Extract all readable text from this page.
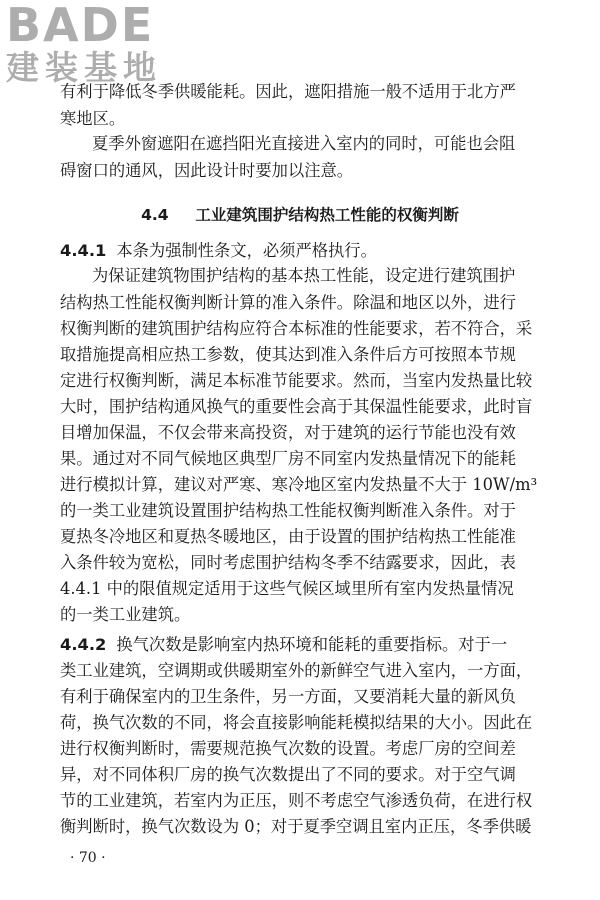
BADE
建装基地
有利于降低冬季供暖能耗。因此，遮阳措施一般不适用于北方严
寒地区。
夏季外窗遮阳在遮挡阳光直接进入室内的同时，可能也会阻
碍窗口的通风，因此设计时要加以注意。
4.4 工业建筑围护结构热工性能的权衡判断
4.4.1 本条为强制性条文，必须严格执行。
为保证建筑物围护结构的基本热工性能，设定进行建筑围护
结构热工性能权衡判断计算的准入条件。除温和地区以外，进行
权衡判断的建筑围护结构应符合本标准的性能要求，若不符合，采
取措施提高相应热工参数，使其达到准入条件后方可按照本节规
定进行权衡判断，满足本标准节能要求。然而，当室内发热量比较
大时，围护结构通风换气的重要性会高于其保温性能要求，此时盲
目增加保温，不仅会带来高投资，对于建筑的运行节能也没有效
果。通过对不同气候地区典型厂房不同室内发热量情况下的能耗
进行模拟计算，建议对严寒、寒冷地区室内发热量不大于 10W/m³
的一类工业建筑设置围护结构热工性能权衡判断准入条件。对于
夏热冬冷地区和夏热冬暖地区，由于设置的围护结构热工性能准
入条件较为宽松，同时考虑围护结构冬季不结露要求，因此，表
4.4.1 中的限值规定适用于这些气候区域里所有室内发热量情况
的一类工业建筑。
4.4.2 换气次数是影响室内热环境和能耗的重要指标。对于一
类工业建筑，空调期或供暖期室外的新鲜空气进入室内，一方面，
有利于确保室内的卫生条件，另一方面，又要消耗大量的新风负
荷，换气次数的不同，将会直接影响能耗模拟结果的大小。因此在
进行权衡判断时，需要规范换气次数的设置。考虑厂房的空间差
异，对不同体积厂房的换气次数提出了不同的要求。对于空气调
节的工业建筑，若室内为正压，则不考虑空气渗透负荷，在进行权
衡判断时，换气次数设为 0；对于夏季空调且室内正压，冬季供暖
· 70 ·
